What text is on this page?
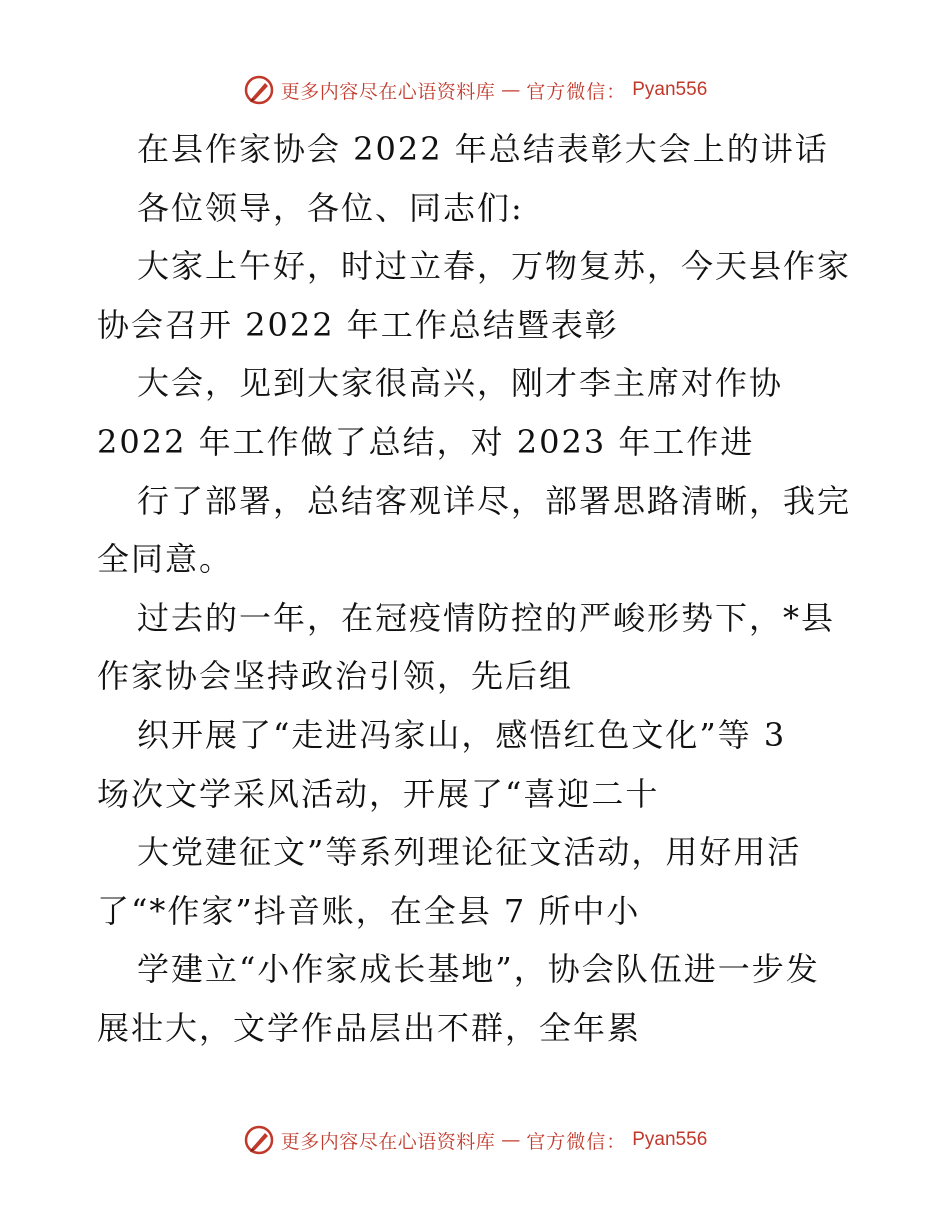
更多内容尽在心语资料库 — 官方微信： Pyan556
在县作家协会 2022 年总结表彰大会上的讲话
各位领导，各位、同志们:
大家上午好，时过立春，万物复苏，今天县作家
协会召开 2022 年工作总结暨表彰
大会，见到大家很高兴，刚才李主席对作协
2022 年工作做了总结，对 2023 年工作进
行了部署，总结客观详尽，部署思路清晰，我完
全同意。
过去的一年，在冠疫情防控的严峻形势下，*县
作家协会坚持政治引领，先后组
织开展了“走进冯家山，感悟红色文化”等 3
场次文学采风活动，开展了“喜迎二十
大党建征文”等系列理论征文活动，用好用活
了“*作家”抖音账，在全县 7 所中小
学建立“小作家成长基地”，协会队伍进一步发
展壮大，文学作品层出不群，全年累
更多内容尽在心语资料库 — 官方微信： Pyan556
